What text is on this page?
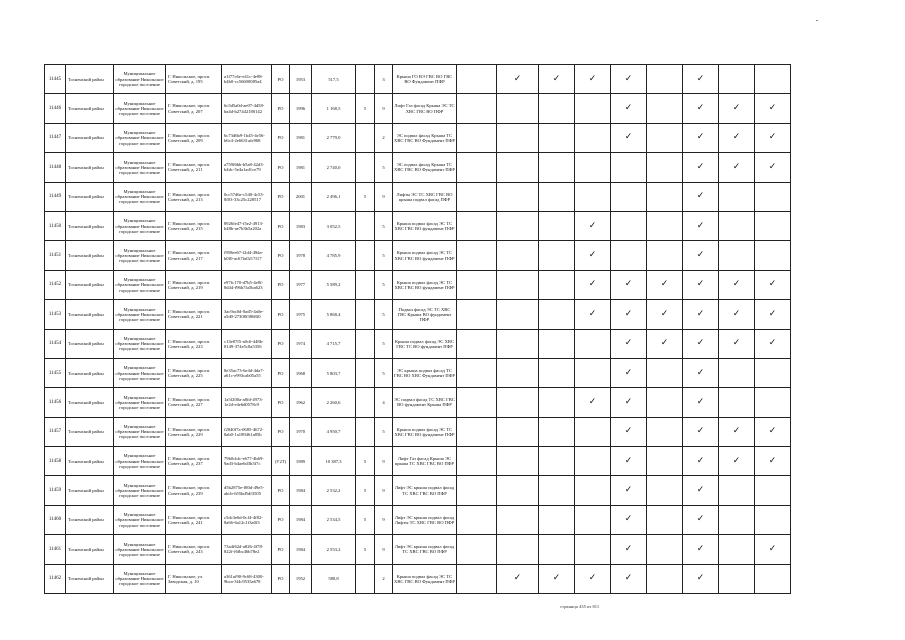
11445	Тосненский район	Муниципальное образование Никольское городское поселение	Г. Никольское, просп. Советский, д. 195	a1f77c6e-e41c-4e98-b4b0-cc56600085a4	РО	1953	517,5		3	Крыша ГО ВЭ ГВС ВО ГВС ВО Фундамент ПФР		✓	✓	✓	✓		✓		
11446	Тосненский район	Муниципальное образование Никольское городское поселение	Г. Никольское, просп. Советский, д. 207	6c5d5a0d-ae07-4d58-ba4d-b27442180142	РО	1996	1 168,5	5	9	Лифт Газ фасад Крыша ЭС ТС ХВС ГВС ВО ПФР					✓		✓	✓	✓
11447	Тосненский район	Муниципальное образование Никольское городское поселение	Г. Никольское, просп. Советский, д. 209	6c73d6b9-1b45-4e56-b6c4-2e6631afe968	РО	1981	2 779,0		2	ЭС подвал фасад Крыша ТС ХВС ГВС ВО Фундамент ПФР					✓		✓	✓	✓
11448	Тосненский район	Муниципальное образование Никольское городское поселение	Г. Никольское, просп. Советский, д. 211	a759f6bb-b5a8-42d3-b4dc-5e4a1ad1ce79	РО	1981	2 740,0		5	ЭС подвал фасад Крыша ТС ХВС ГВС ВО Фундамент ПФР							✓	✓	✓
11449	Тосненский район	Муниципальное образование Никольское городское поселение	Г. Никольское, просп. Советский, д. 213	0cc57d6e-c540-4c53-8f03-33c25c228517	РО	2001	2 496,1	5	9	Лифты ЭС ТС ХВС ГВС ВО крыша подвал фасад ПФР							✓		
11450	Тосненский район	Муниципальное образование Никольское городское поселение	Г. Никольское, просп. Советский, д. 215	8926fe47-f3e2-4913-b48b-ae7b3b5a202a	РО	1983	3 052,5		5	Крыша подвал фасад ЭС ТС ХВС ГВС ВО фундамент ПФР				✓			✓		
11451	Тосненский район	Муниципальное образование Никольское городское поселение	Г. Никольское, просп. Советский, д. 217	f958ee67-f2d4-49da-b0f0-ac67fa0217f17	РО	1978	4 785,9		5	Крыша подвал фасад ЭС ТС ХВС ГВС ВО фундамент ПФР				✓			✓		
11452	Тосненский район	Муниципальное образование Никольское городское поселение	Г. Никольское, просп. Советский, д. 219	e97fc170-d7b5-4e8f-8d44-f96b7fa5ba623	РО	1977	5 589,2		5	Крыша подвал фасад ЭС ТС ХВС ГВС ВО фундамент ПФР				✓	✓	✓	✓	✓	✓
11453	Тосненский район	Муниципальное образование Никольское городское поселение	Г. Никольское, просп. Советский, д. 221	3ac9ac0d-0ad5-4a0e-a5d0-27308f3868f0	РО	1975	5 868,4		5	Подвал фасад ЭС ТС ХВС ГВС Крыша ВО фундамент ПФР				✓	✓	✓	✓	✓	✓
11454	Тосненский район	Муниципальное образование Никольское городское поселение	Г. Никольское, просп. Советский, д. 223	c13e87f5-a0c6-448b-8149-374e5c8a5356	РО	1974	4 715,7		5	Крыша подвал фасад ЭС ХВС ГВС ТС ВО фундамент ПФР					✓	✓	✓	✓	✓
11455	Тосненский район	Муниципальное образование Никольское городское поселение	Г. Никольское, просп. Советский, д. 225	8e35ac73-6e4d-4da7-a61c-e993cab05a55	РО	1968	5 803,7		5	ЭС крыша подвал фасад ТС ГВС ВО ХВС Фундамент ПФР					✓		✓		
11456	Тосненский район	Муниципальное образование Никольское городское поселение	Г. Никольское, просп. Советский, д. 227	1a5f200a-a8fd-4973-1e2d-e4e6d0578c9	РО	1962	2 260,6		4	ЭС подвал фасад ТС ХВС ГВС ВО фундамент Крыша ПФР				✓	✓		✓		
11457	Тосненский район	Муниципальное образование Никольское городское поселение	Г. Никольское, просп. Советский, д. 229	f2840f7a-0685-4672-8ab0-1a189461a85b	РО	1970	4 950,7		5	Крыша подвал фасад ЭС ТС ХВС ГВС ВО фундамент ПФР					✓		✓	✓	✓
11458	Тосненский район	Муниципальное образование Никольское городское поселение	Г. Никольское, просп. Советский, д. 237	79b0cbfc-e677-4b69-9ad3-b4ae6d3b3f7c	(У2Т)	1989	10 387,3	5	9	Лифт Газ фасад Крыша ЭС крыша ТС ХВС ГВС ВО ПФР					✓		✓	✓	✓
11459	Тосненский район	Муниципальное образование Никольское городское поселение	Г. Никольское, просп. Советский, д. 239	d5b2875e-f80d-49e5-abcb-655bd5df3505	РО	1984	2 532,2	5	9	Лифт ЭС крыша подвал фасад ТС ХВС ГВС ВО ПФР					✓		✓		
11460	Тосненский район	Муниципальное образование Никольское городское поселение	Г. Никольское, просп. Советский, д. 241	c5dc3e6d-0cf4-4f82-8a66-6a12c1f3a0f3	РО	1984	2 534,5	5	9	Лифт ЭС крыша подвал фасад Лифты ТС ХВС ГВС ВО ПФР					✓		✓		
11461	Тосненский район	Муниципальное образование Никольское городское поселение	Г. Никольское, просп. Советский, д. 243	73a4f62d-a826-4f78-822f-f6fbc46b78e2	РО	1984	2 553,2	5	9	Лифт ЭС крыша подвал фасад ТС ХВС ГВС ВО ПФР					✓		✓		✓
11462	Тосненский район	Муниципальное образование Никольское городское поселение	Г. Никольское, ул. Заводская, д. 10	a361af90-9c68-4300-9bca-3f4c9535a678	РО	1952	580,8		2	Крыша подвал фасад ЭС ТС ХВС ГВС ВО Фундамент ПФР		✓	✓	✓	✓		✓		
страница 435 из 811
